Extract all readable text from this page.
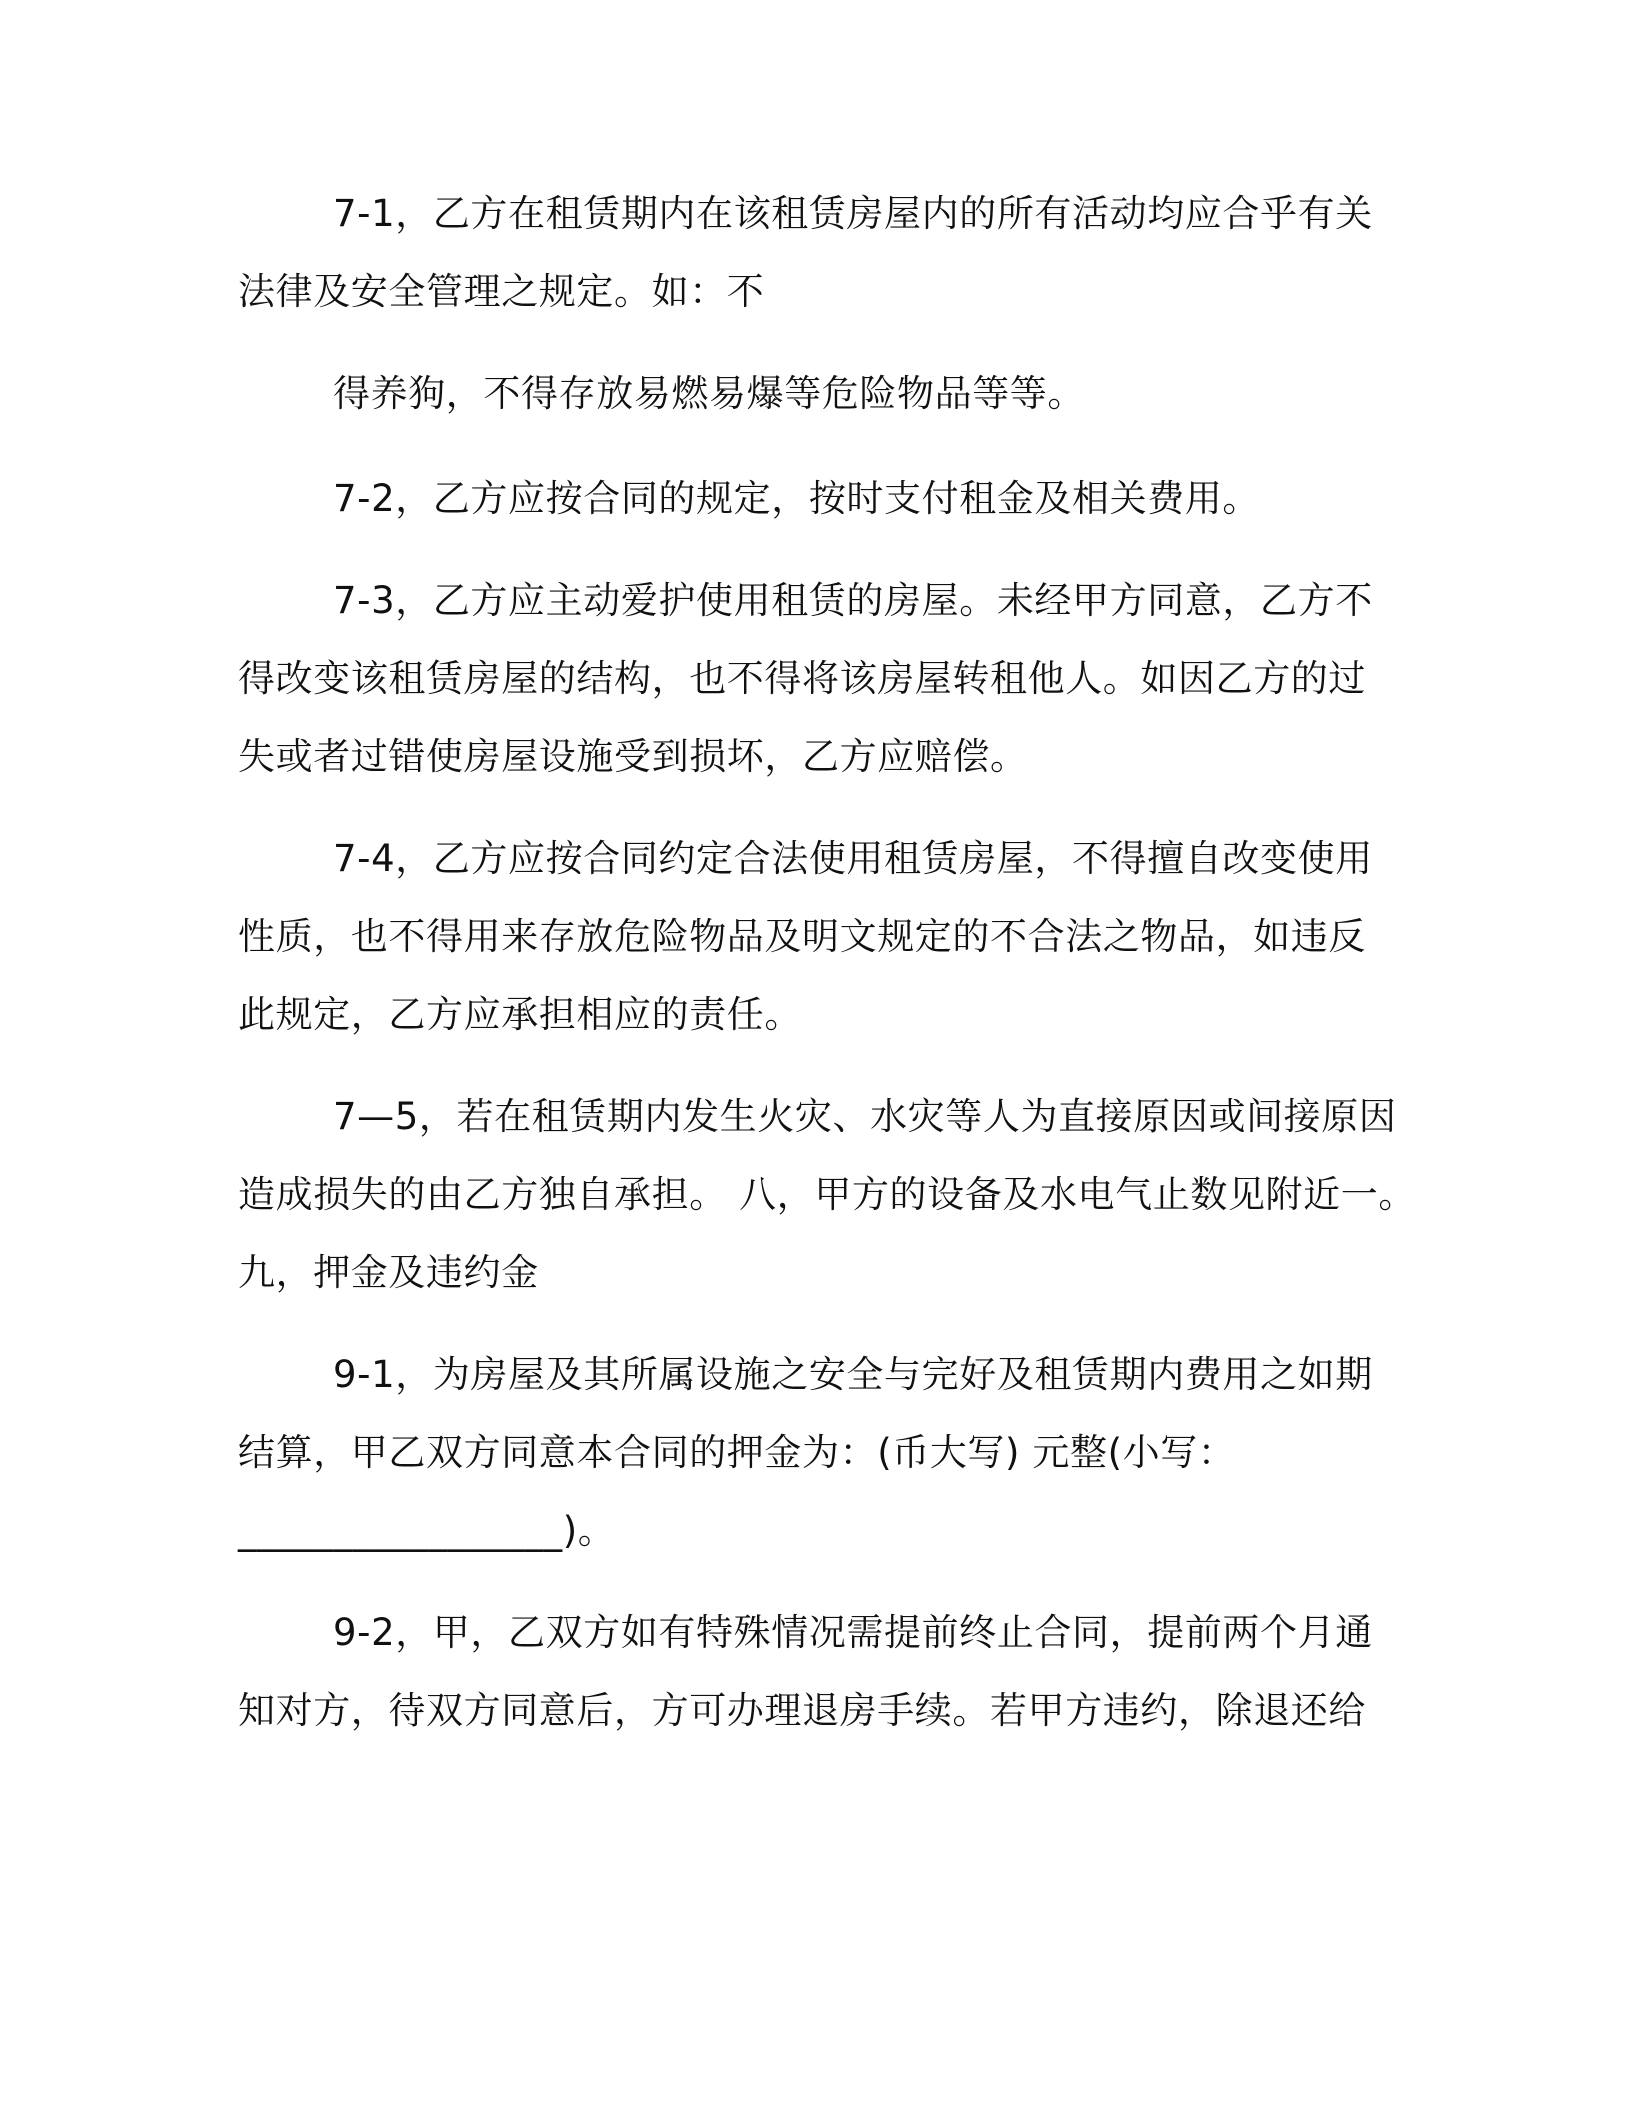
7-1，乙方在租赁期内在该租赁房屋内的所有活动均应合乎有关
法律及安全管理之规定。如：不
得养狗，不得存放易燃易爆等危险物品等等。
7-2，乙方应按合同的规定，按时支付租金及相关费用。
7-3，乙方应主动爱护使用租赁的房屋。未经甲方同意，乙方不
得改变该租赁房屋的结构，也不得将该房屋转租他人。如因乙方的过
失或者过错使房屋设施受到损坏，乙方应赔偿。
7-4，乙方应按合同约定合法使用租赁房屋，不得擅自改变使用
性质，也不得用来存放危险物品及明文规定的不合法之物品，如违反
此规定，乙方应承担相应的责任。
7—5，若在租赁期内发生火灾、水灾等人为直接原因或间接原因
造成损失的由乙方独自承担。 八，甲方的设备及水电气止数见附近一。
九，押金及违约金
9-1，为房屋及其所属设施之安全与完好及租赁期内费用之如期
结算，甲乙双方同意本合同的押金为：(币大写) 元整(小写：
_________________)。
9-2，甲，乙双方如有特殊情况需提前终止合同，提前两个月通
知对方，待双方同意后，方可办理退房手续。若甲方违约，除退还给
